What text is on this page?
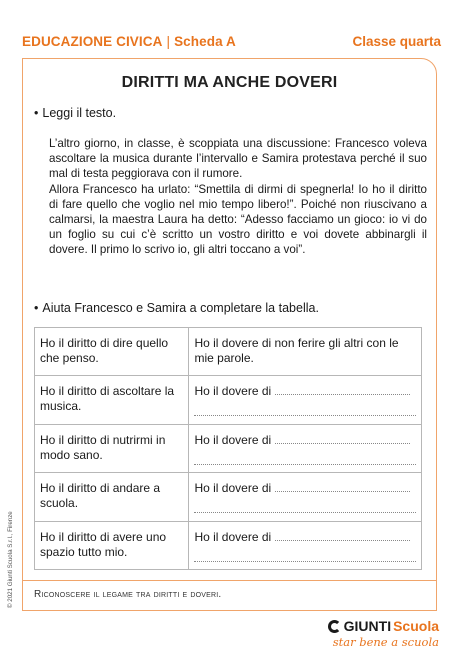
EDUCAZIONE CIVICA | Scheda A	Classe quarta
DIRITTI MA ANCHE DOVERI
• Leggi il testo.

L’altro giorno, in classe, è scoppiata una discussione: Francesco voleva ascoltare la musica durante l’intervallo e Samira protestava perché il suo mal di testa peggiorava con il rumore.

Allora Francesco ha urlato: “Smettila di dirmi di spegnerla! Io ho il diritto di fare quello che voglio nel mio tempo libero!”. Poiché non riuscivano a calmarsi, la maestra Laura ha detto: “Adesso facciamo un gioco: io vi do un foglio su cui c’è scritto un vostro diritto e voi dovete abbinargli il dovere. Il primo lo scrivo io, gli altri toccano a voi”.

• Aiuta Francesco e Samira a completare la tabella.
Ho il diritto di dire quello che penso.	Ho il dovere di non ferire gli altri con le mie parole.
Ho il diritto di ascoltare la musica.	Ho il dovere di

Ho il diritto di nutrirmi in modo sano.	Ho il dovere di

Ho il diritto di andare a scuola.	Ho il dovere di

Ho il diritto di avere uno spazio tutto mio.	Ho il dovere di
Riconoscere il legame tra diritti e doveri.
© 2021 Giunti Scuola S.r.l., Firenze
GIUNTI Scuola
star bene a scuola
